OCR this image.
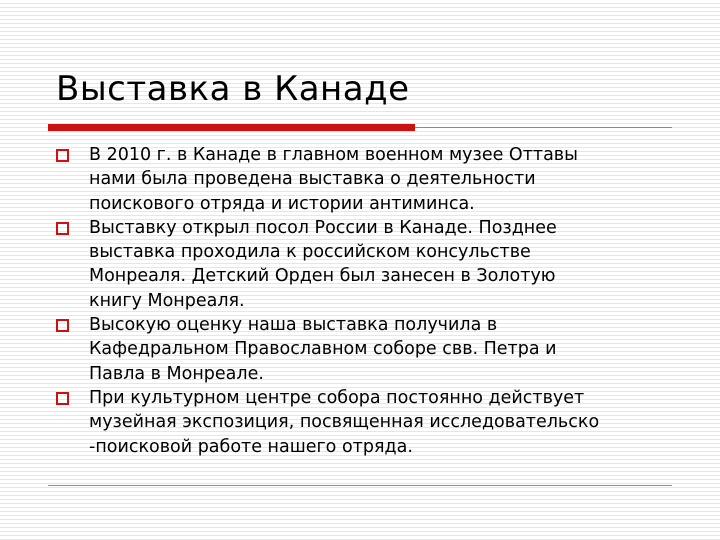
Выставка в Канаде
В 2010 г. в Канаде в главном военном музее Оттавы
нами была проведена выставка о деятельности
поискового отряда и истории антиминса.
Выставку открыл посол России в Канаде. Позднее
выставка проходила к российском консульстве
Монреаля. Детский Орден был занесен в Золотую
книгу Монреаля.
Высокую оценку наша выставка получила в
Кафедральном Православном соборе свв. Петра и
Павла в Монреале.
При культурном центре собора постоянно действует
музейная экспозиция, посвященная исследовательско
-поисковой работе нашего отряда.
